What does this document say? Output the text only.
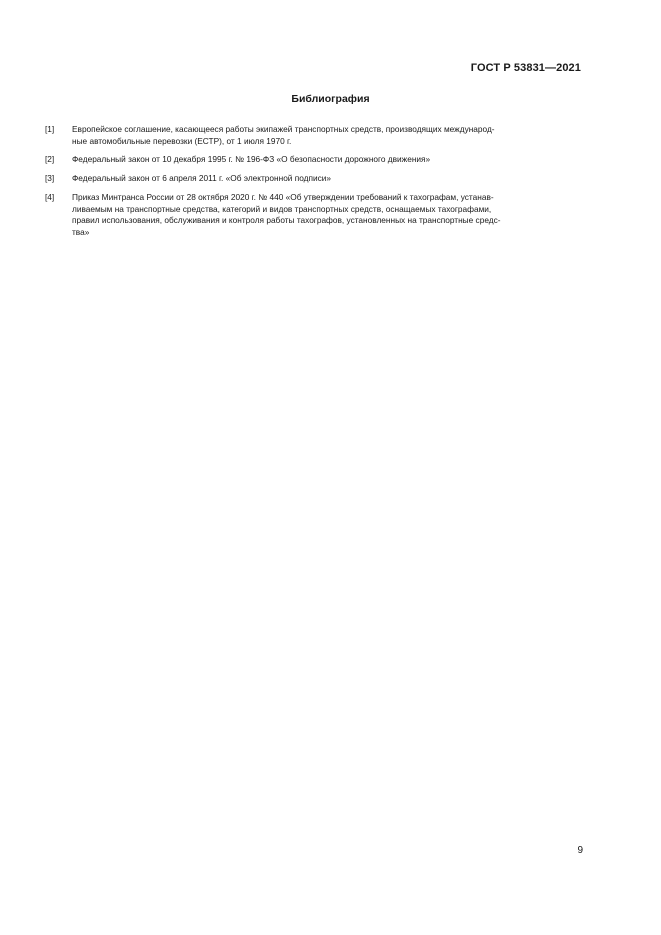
ГОСТ Р 53831—2021
Библиография
[1]	Европейское соглашение, касающееся работы экипажей транспортных средств, производящих международ-
ные автомобильные перевозки (ЕСТР), от 1 июля 1970 г.
[2]	Федеральный закон от 10 декабря 1995 г. № 196-ФЗ «О безопасности дорожного движения»
[3]	Федеральный закон от 6 апреля 2011 г. «Об электронной подписи»
[4]	Приказ Минтранса России от 28 октября 2020 г. № 440 «Об утверждении требований к тахографам, устанав-
ливаемым на транспортные средства, категорий и видов транспортных средств, оснащаемых тахографами,
правил использования, обслуживания и контроля работы тахографов, установленных на транспортные средс-
тва»
9
